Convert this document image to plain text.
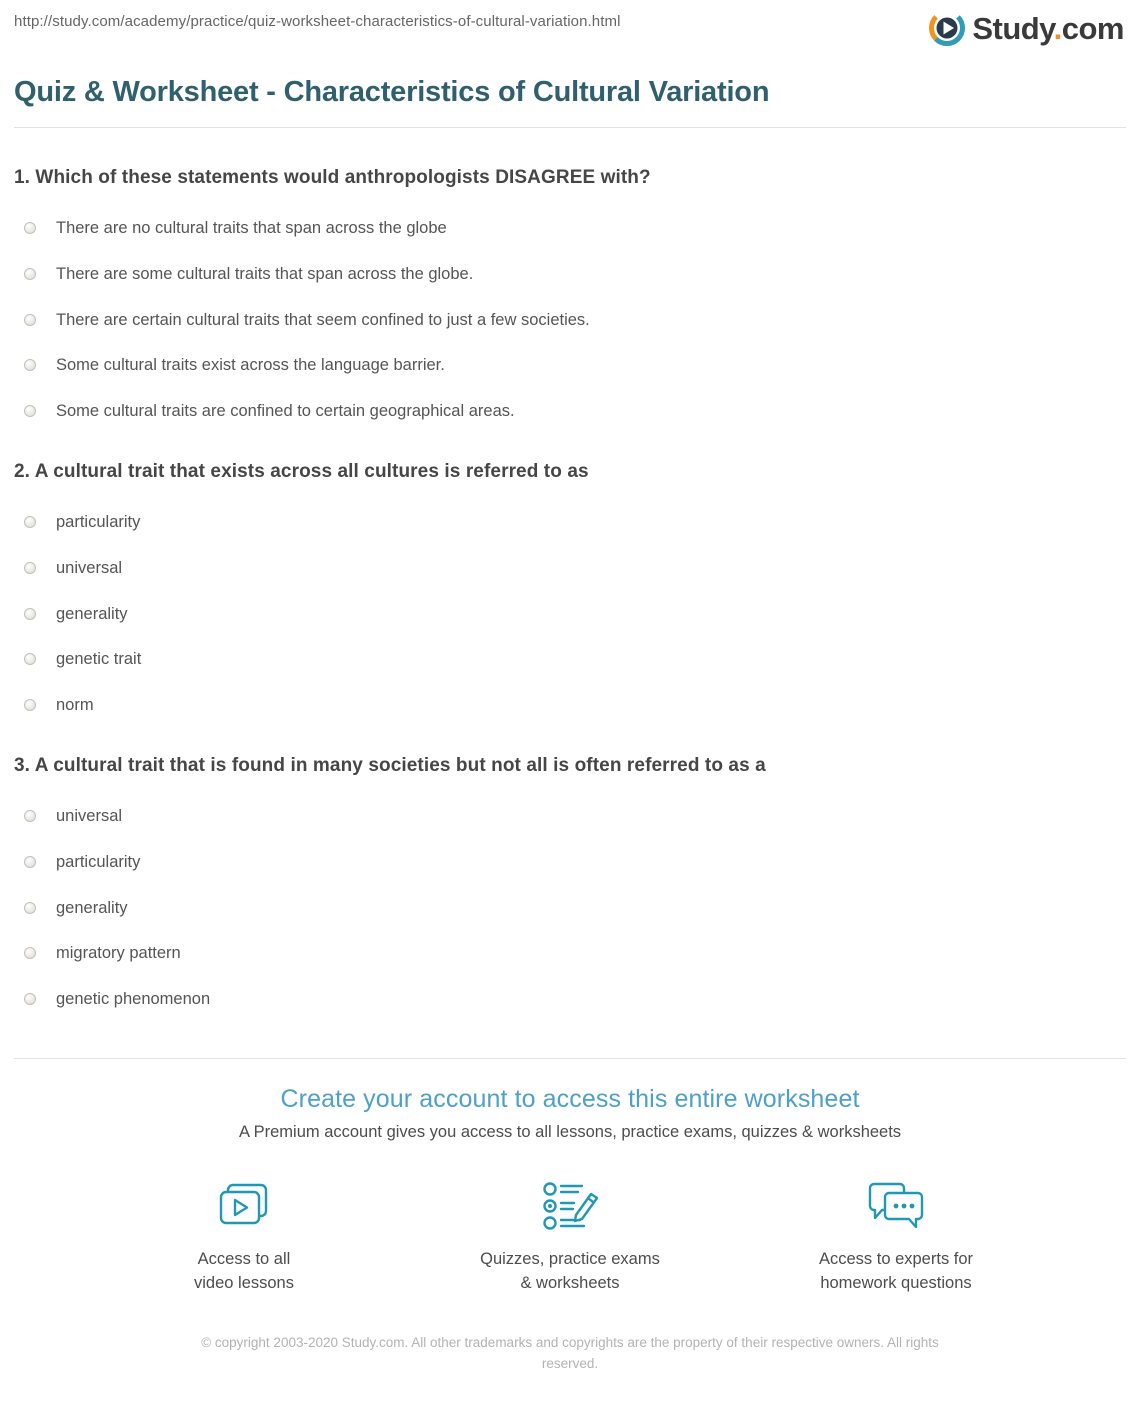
http://study.com/academy/practice/quiz-worksheet-characteristics-of-cultural-variation.html	Study.com
Quiz & Worksheet - Characteristics of Cultural Variation
1. Which of these statements would anthropologists DISAGREE with?
There are no cultural traits that span across the globe
There are some cultural traits that span across the globe.
There are certain cultural traits that seem confined to just a few societies.
Some cultural traits exist across the language barrier.
Some cultural traits are confined to certain geographical areas.
2. A cultural trait that exists across all cultures is referred to as
particularity
universal
generality
genetic trait
norm
3. A cultural trait that is found in many societies but not all is often referred to as a
universal
particularity
generality
migratory pattern
genetic phenomenon
Create your account to access this entire worksheet
A Premium account gives you access to all lessons, practice exams, quizzes & worksheets
Access to all
video lessons
Quizzes, practice exams
& worksheets
Access to experts for
homework questions
© copyright 2003-2020 Study.com. All other trademarks and copyrights are the property of their respective owners. All rights
reserved.
